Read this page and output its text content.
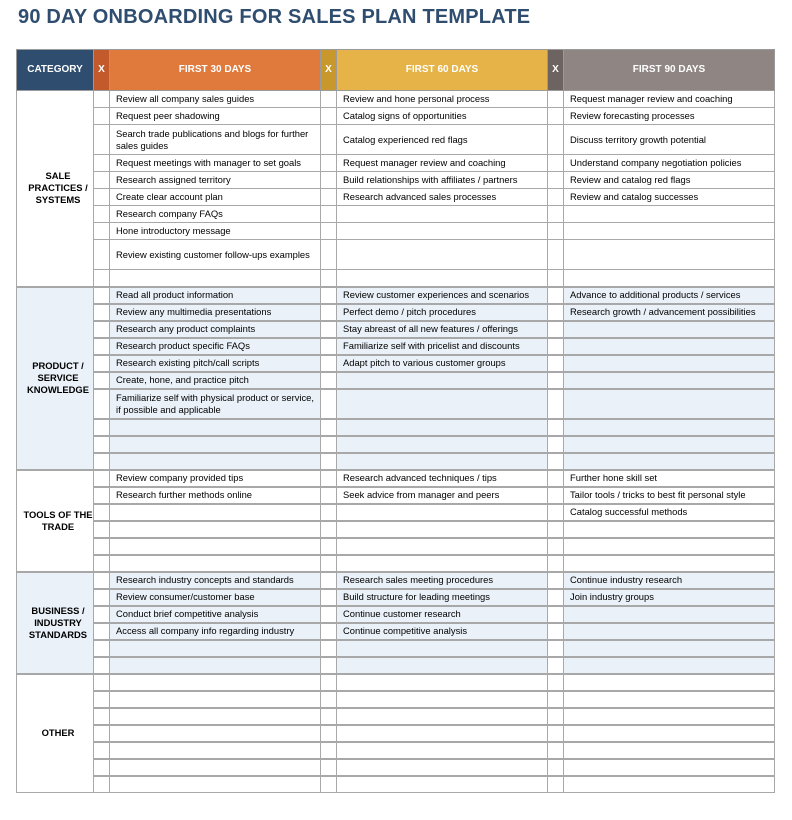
90 DAY ONBOARDING FOR SALES PLAN TEMPLATE
CATEGORY	X	FIRST 30 DAYS	X	FIRST 60 DAYS	X	FIRST 90 DAYS
SALE PRACTICES / SYSTEMS		Review all company sales guides		Review and hone personal process		Request manager review and coaching
		Request peer shadowing		Catalog signs of opportunities		Review forecasting processes
		Search trade publications and blogs for further sales guides		Catalog experienced red flags		Discuss territory growth potential
		Request meetings with manager to set goals		Request manager review and coaching		Understand company negotiation policies
		Research assigned territory		Build relationships with affiliates / partners		Review and catalog red flags
		Create clear account plan		Research advanced sales processes		Review and catalog successes
		Research company FAQs				
		Hone introductory message				
		Review existing customer follow-ups examples				

PRODUCT / SERVICE KNOWLEDGE		Read all product information		Review customer experiences and scenarios		Advance to additional products / services
		Review any multimedia presentations		Perfect demo / pitch procedures		Research growth / advancement possibilities
		Research any product complaints		Stay abreast of all new features / offerings		
		Research product specific FAQs		Familiarize self with pricelist and discounts		
		Research existing pitch/call scripts		Adapt pitch to various customer groups		
		Create, hone, and practice pitch				
		Familiarize self with physical product or service, if possible and applicable				

TOOLS OF THE TRADE		Review company provided tips		Research advanced techniques / tips		Further hone skill set
		Research further methods online		Seek advice from manager and peers		Tailor tools / tricks to best fit personal style
						Catalog successful methods

BUSINESS / INDUSTRY STANDARDS		Research industry concepts and standards		Research sales meeting procedures		Continue industry research
		Review consumer/customer base		Build structure for leading meetings		Join industry groups
		Conduct brief competitive analysis		Continue customer research		
		Access all company info regarding industry		Continue competitive analysis		

OTHER						
